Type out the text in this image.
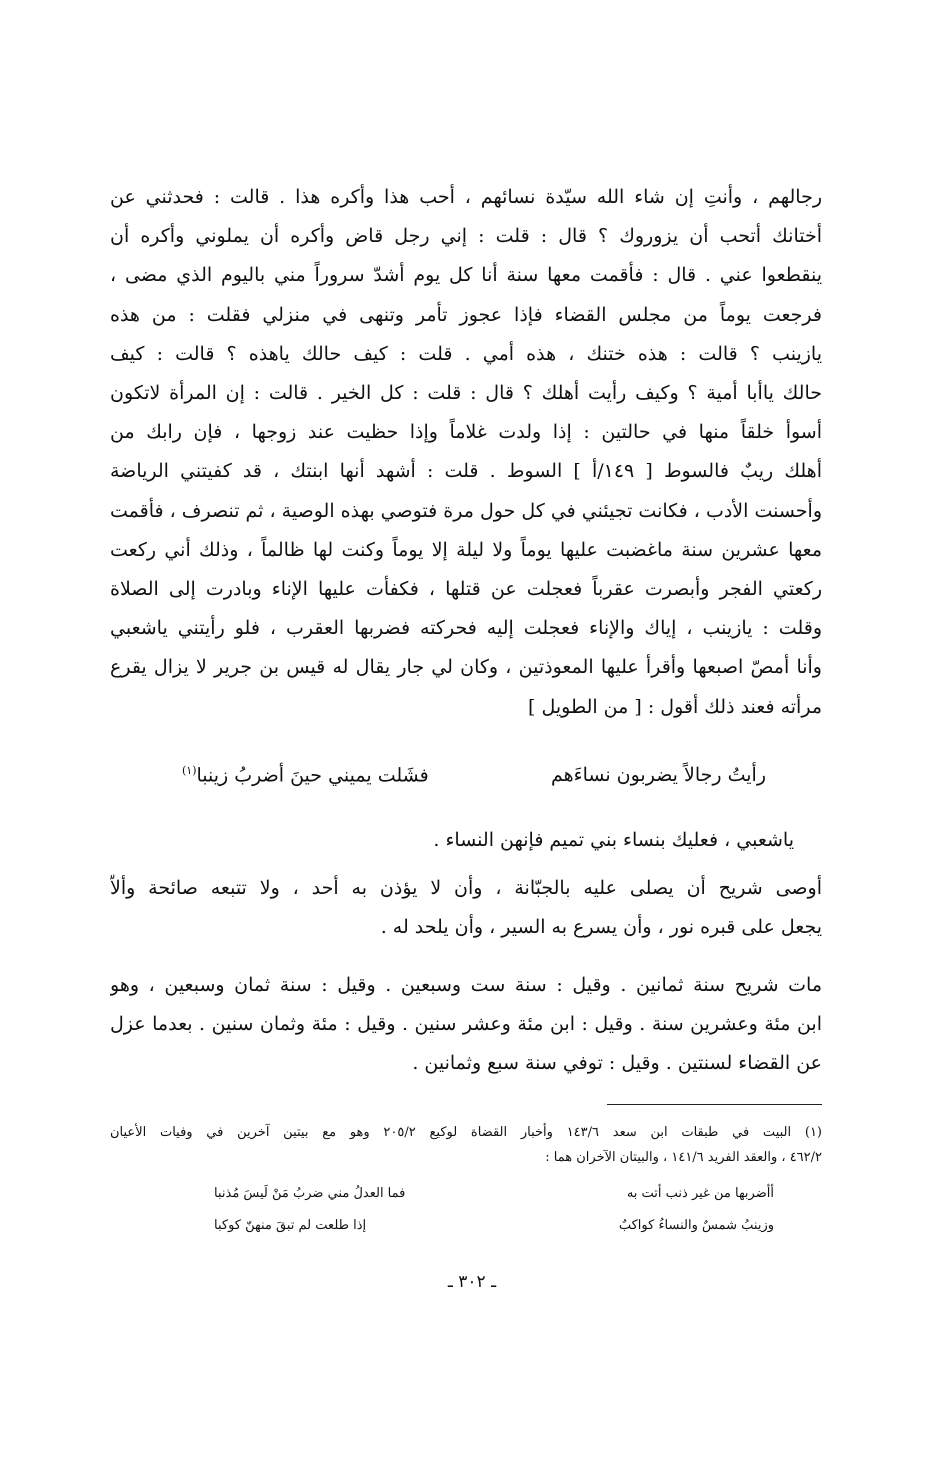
رجالهم ، وأنتِ إن شاء الله سيّدة نسائهم ، أحب هذا وأكره هذا . قالت : فحدثني عن
أختانك أتحب أن يزوروك ؟ قال : قلت : إني رجل قاض وأكره أن يملوني وأكره أن
ينقطعوا عني . قال : فأقمت معها سنة أنا كل يوم أشدّ سروراً مني باليوم الذي مضى ،
فرجعت يوماً من مجلس القضاء فإذا عجوز تأمر وتنهى في منزلي فقلت : من هذه
يازينب ؟ قالت : هذه ختنك ، هذه أمي . قلت : كيف حالك ياهذه ؟ قالت : كيف
حالك ياأبا أمية ؟ وكيف رأيت أهلك ؟ قال : قلت : كل الخير . قالت : إن المرأة لاتكون
أسوأ خلقاً منها في حالتين : إذا ولدت غلاماً وإذا حظيت عند زوجها ، فإن رابك من
أهلك ريبٌ فالسوط [ ١٤٩/أ ] السوط . قلت : أشهد أنها ابنتك ، قد كفيتني الرياضة
وأحسنت الأدب ، فكانت تجيئني في كل حول مرة فتوصي بهذه الوصية ، ثم تنصرف ، فأقمت
معها عشرين سنة ماغضبت عليها يوماً ولا ليلة إلا يوماً وكنت لها ظالماً ، وذلك أني ركعت
ركعتي الفجر وأبصرت عقرباً فعجلت عن قتلها ، فكفأت عليها الإناء وبادرت إلى الصلاة
وقلت : يازينب ، إياك والإناء فعجلت إليه فحركته فضربها العقرب ، فلو رأيتني ياشعبي
وأنا أمصّ اصبعها وأقرأ عليها المعوذتين ، وكان لي جار يقال له قيس بن جرير لا يزال يقرع
مرأته فعند ذلك أقول : [ من الطويل ]
رأيتُ رجالاً يضربون نساءَهم
فشَلت يميني حينَ أضربُ زينبا$^{(١)}$
ياشعبي ، فعليك بنساء بني تميم فإنهن النساء .
أوصى شريح أن يصلى عليه بالجبّانة ، وأن لا يؤذن به أحد ، ولا تتبعه صائحة وألاّ
يجعل على قبره نور ، وأن يسرع به السير ، وأن يلحد له .
مات شريح سنة ثمانين . وقيل : سنة ست وسبعين . وقيل : سنة ثمان وسبعين ، وهو
ابن مئة وعشرين سنة . وقيل : ابن مئة وعشر سنين . وقيل : مئة وثمان سنين . بعدما عزل
عن القضاء لسنتين . وقيل : توفي سنة سبع وثمانين .
(١) البيت في طبقات ابن سعد ١٤٣/٦ وأخبار القضاة لوكيع ٢٠٥/٢ وهو مع بيتين آخرين في وفيات الأعيان
٤٦٢/٢ ، والعقد الفريد ١٤١/٦ ، والبيتان الآخران هما :
أأضربها من غير ذنب أتت به
فما العدلُ مني ضربُ مَنْ لَيسَ مُذنبا
وزينبُ شمسٌ والنساءُ كواكبٌ
إذا طلعت لم تبقَ منهنّ كوكبا
ـ ٣٠٢ ـ
